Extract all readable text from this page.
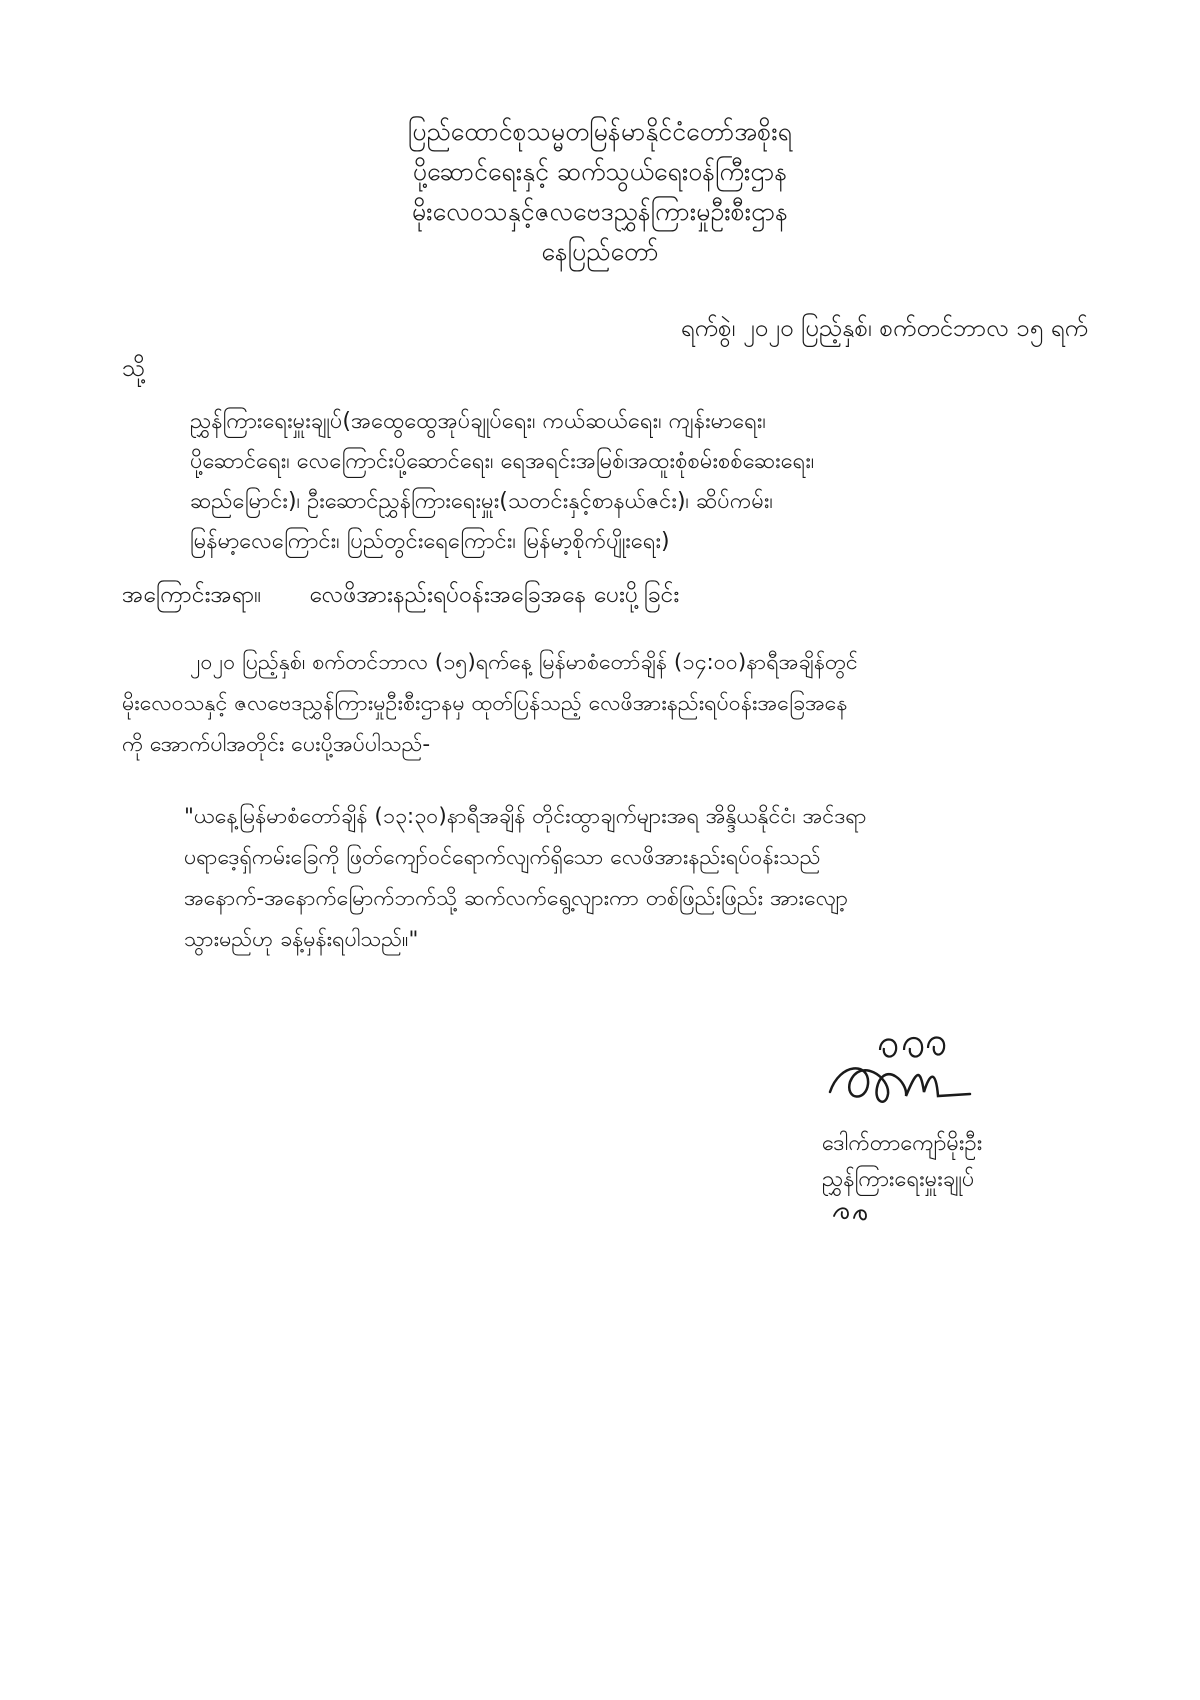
ပြည်ထောင်စုသမ္မတမြန်မာနိုင်ငံတော်အစိုးရ
ပို့ဆောင်ရေးနှင့် ဆက်သွယ်ရေးဝန်ကြီးဌာန
မိုးလေဝသနှင့်ဇလဗေဒညွှန်ကြားမှုဦးစီးဌာန
နေပြည်တော်
ရက်စွဲ၊ ၂၀၂၀ ပြည့်နှစ်၊ စက်တင်ဘာလ ၁၅ ရက်
သို့
ညွှန်ကြားရေးမှူးချုပ်(အထွေထွေအုပ်ချုပ်ရေး၊ ကယ်ဆယ်ရေး၊ ကျန်းမာရေး၊
ပို့ဆောင်ရေး၊ လေကြောင်းပို့ဆောင်ရေး၊ ရေအရင်းအမြစ်၊အထူးစုံစမ်းစစ်ဆေးရေး၊
ဆည်မြောင်း)၊ ဦးဆောင်ညွှန်ကြားရေးမှူး(သတင်းနှင့်စာနယ်ဇင်း)၊ ဆိပ်ကမ်း၊
မြန်မာ့လေကြောင်း၊ ပြည်တွင်းရေကြောင်း၊ မြန်မာ့စိုက်ပျိုးရေး)
အကြောင်းအရာ။ လေဖိအားနည်းရပ်ဝန်းအခြေအနေ ပေးပို့ခြင်း
၂၀၂၀ ပြည့်နှစ်၊ စက်တင်ဘာလ (၁၅)ရက်နေ့ မြန်မာစံတော်ချိန် (၁၄:၀၀)နာရီအချိန်တွင်
မိုးလေဝသနှင့် ဇလဗေဒညွှန်ကြားမှုဦးစီးဌာနမှ ထုတ်ပြန်သည့် လေဖိအားနည်းရပ်ဝန်းအခြေအနေ
ကို အောက်ပါအတိုင်း ပေးပို့အပ်ပါသည်-
"ယနေ့မြန်မာစံတော်ချိန် (၁၃:၃၀)နာရီအချိန် တိုင်းထွာချက်များအရ အိန္ဒိယနိုင်ငံ၊ အင်ဒရာ
ပရာဒေ့ရှ်ကမ်းခြေကို ဖြတ်ကျော်ဝင်ရောက်လျက်ရှိသော လေဖိအားနည်းရပ်ဝန်းသည်
အနောက်-အနောက်မြောက်ဘက်သို့ ဆက်လက်ရွေ့လျားကာ တစ်ဖြည်းဖြည်း အားလျော့
သွားမည်ဟု ခန့်မှန်းရပါသည်။"
ဒေါက်တာကျော်မိုးဦး
ညွှန်ကြားရေးမှူးချုပ်
